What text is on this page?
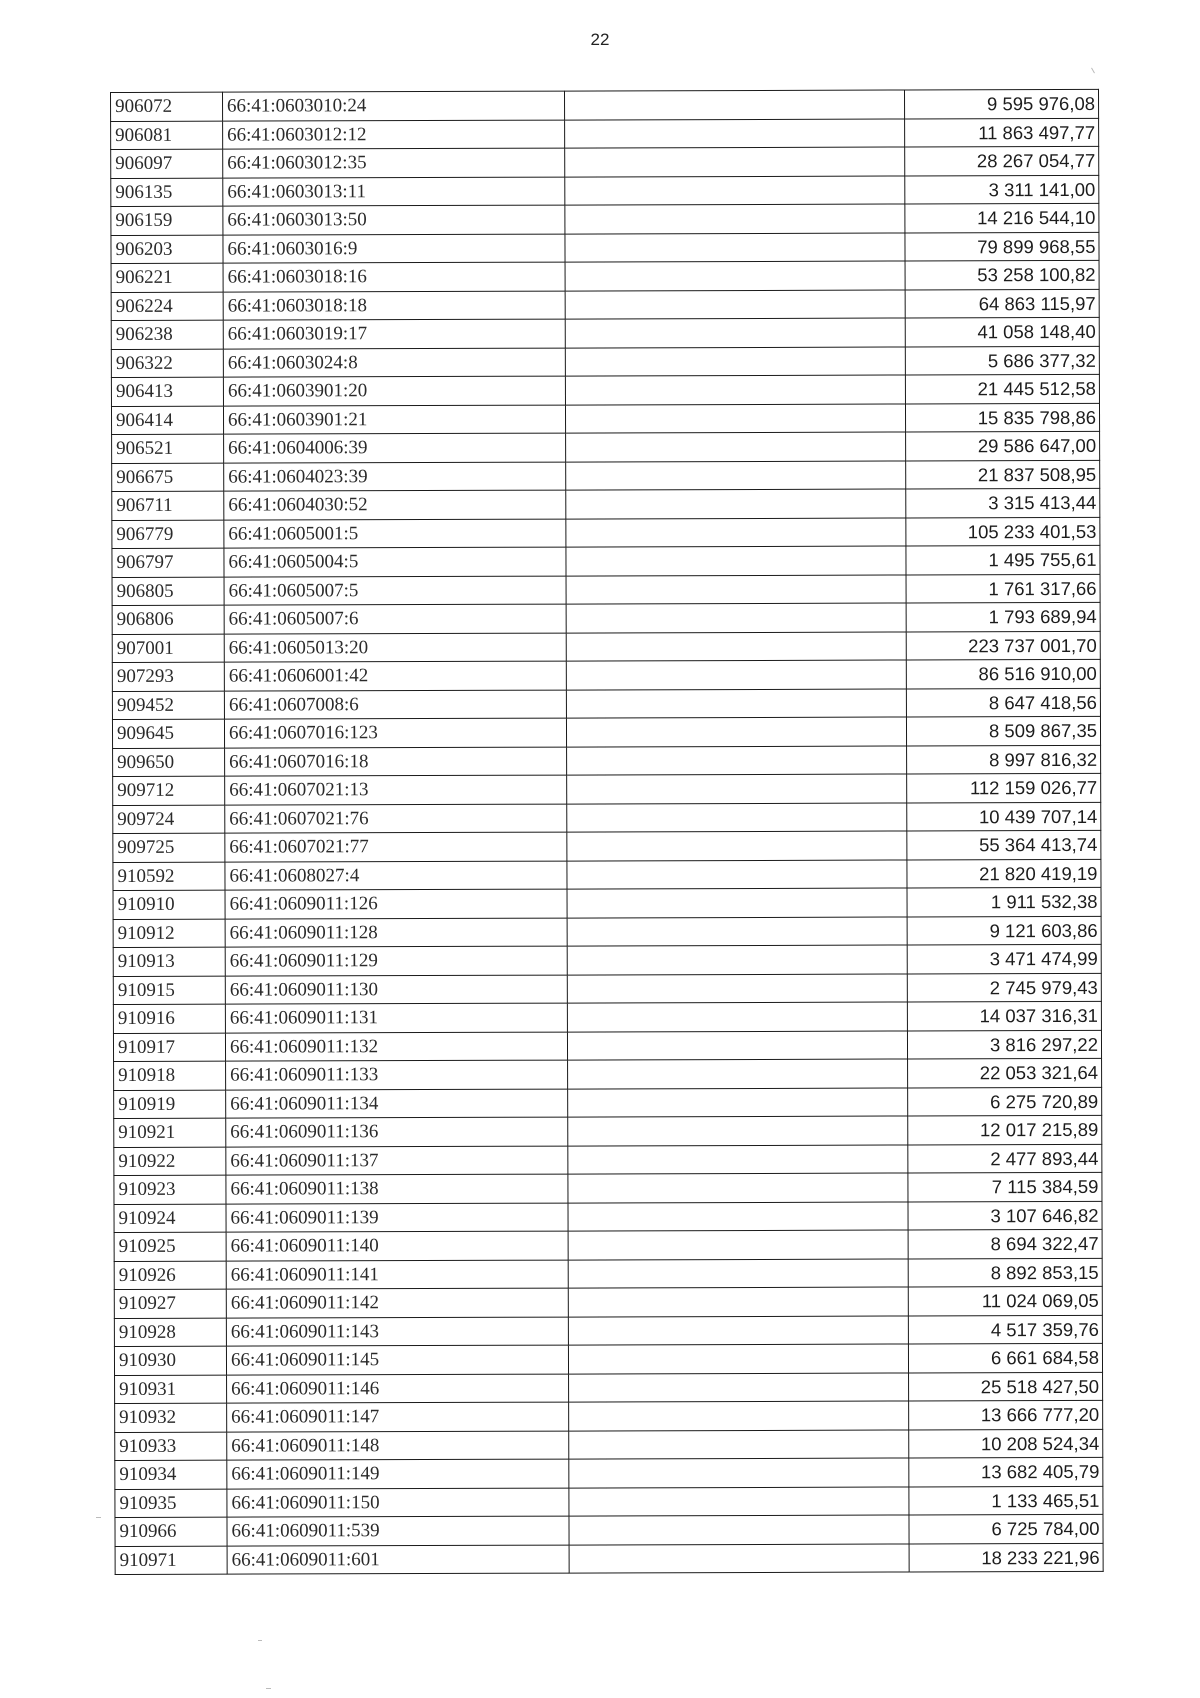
22
906072	66:41:0603010:24		9 595 976,08
906081	66:41:0603012:12		11 863 497,77
906097	66:41:0603012:35		28 267 054,77
906135	66:41:0603013:11		3 311 141,00
906159	66:41:0603013:50		14 216 544,10
906203	66:41:0603016:9		79 899 968,55
906221	66:41:0603018:16		53 258 100,82
906224	66:41:0603018:18		64 863 115,97
906238	66:41:0603019:17		41 058 148,40
906322	66:41:0603024:8		5 686 377,32
906413	66:41:0603901:20		21 445 512,58
906414	66:41:0603901:21		15 835 798,86
906521	66:41:0604006:39		29 586 647,00
906675	66:41:0604023:39		21 837 508,95
906711	66:41:0604030:52		3 315 413,44
906779	66:41:0605001:5		105 233 401,53
906797	66:41:0605004:5		1 495 755,61
906805	66:41:0605007:5		1 761 317,66
906806	66:41:0605007:6		1 793 689,94
907001	66:41:0605013:20		223 737 001,70
907293	66:41:0606001:42		86 516 910,00
909452	66:41:0607008:6		8 647 418,56
909645	66:41:0607016:123		8 509 867,35
909650	66:41:0607016:18		8 997 816,32
909712	66:41:0607021:13		112 159 026,77
909724	66:41:0607021:76		10 439 707,14
909725	66:41:0607021:77		55 364 413,74
910592	66:41:0608027:4		21 820 419,19
910910	66:41:0609011:126		1 911 532,38
910912	66:41:0609011:128		9 121 603,86
910913	66:41:0609011:129		3 471 474,99
910915	66:41:0609011:130		2 745 979,43
910916	66:41:0609011:131		14 037 316,31
910917	66:41:0609011:132		3 816 297,22
910918	66:41:0609011:133		22 053 321,64
910919	66:41:0609011:134		6 275 720,89
910921	66:41:0609011:136		12 017 215,89
910922	66:41:0609011:137		2 477 893,44
910923	66:41:0609011:138		7 115 384,59
910924	66:41:0609011:139		3 107 646,82
910925	66:41:0609011:140		8 694 322,47
910926	66:41:0609011:141		8 892 853,15
910927	66:41:0609011:142		11 024 069,05
910928	66:41:0609011:143		4 517 359,76
910930	66:41:0609011:145		6 661 684,58
910931	66:41:0609011:146		25 518 427,50
910932	66:41:0609011:147		13 666 777,20
910933	66:41:0609011:148		10 208 524,34
910934	66:41:0609011:149		13 682 405,79
910935	66:41:0609011:150		1 133 465,51
910966	66:41:0609011:539		6 725 784,00
910971	66:41:0609011:601		18 233 221,96
